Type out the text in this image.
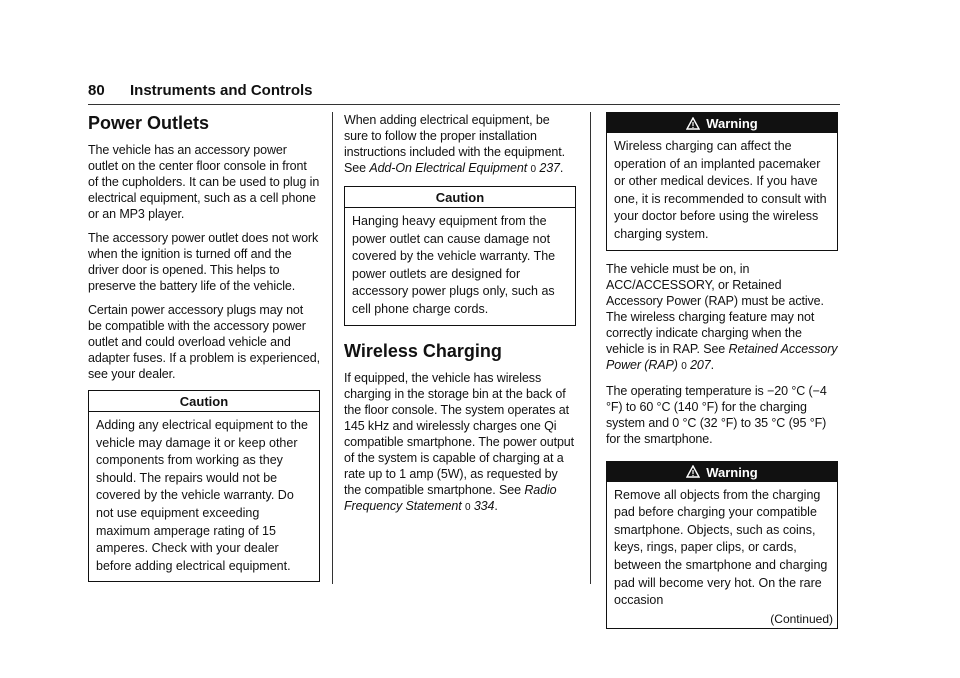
80 Instruments and Controls
Power Outlets

The vehicle has an accessory power outlet on the center floor console in front of the cupholders. It can be used to plug in electrical equipment, such as a cell phone or an MP3 player.

The accessory power outlet does not work when the ignition is turned off and the driver door is opened. This helps to preserve the battery life of the vehicle.

Certain power accessory plugs may not be compatible with the accessory power outlet and could overload vehicle and adapter fuses. If a problem is experienced, see your dealer.

Caution
Adding any electrical equipment to the vehicle may damage it or keep other components from working as they should. The repairs would not be covered by the vehicle warranty. Do not use equipment exceeding maximum amperage rating of 15 amperes. Check with your dealer before adding electrical equipment.

When adding electrical equipment, be sure to follow the proper installation instructions included with the equipment. See Add-On Electrical Equipment 0 237.

Caution
Hanging heavy equipment from the power outlet can cause damage not covered by the vehicle warranty. The power outlets are designed for accessory power plugs only, such as cell phone charge cords.
Wireless Charging

If equipped, the vehicle has wireless charging in the storage bin at the back of the floor console. The system operates at 145 kHz and wirelessly charges one Qi compatible smartphone. The power output of the system is capable of charging at a rate up to 1 amp (5W), as requested by the compatible smartphone. See Radio Frequency Statement 0 334.

Warning
Wireless charging can affect the operation of an implanted pacemaker or other medical devices. If you have one, it is recommended to consult with your doctor before using the wireless charging system.

The vehicle must be on, in ACC/ACCESSORY, or Retained Accessory Power (RAP) must be active. The wireless charging feature may not correctly indicate charging when the vehicle is in RAP. See Retained Accessory Power (RAP) 0 207.

The operating temperature is −20 °C (−4 °F) to 60 °C (140 °F) for the charging system and 0 °C (32 °F) to 35 °C (95 °F) for the smartphone.

Warning
Remove all objects from the charging pad before charging your compatible smartphone. Objects, such as coins, keys, rings, paper clips, or cards, between the smartphone and charging pad will become very hot. On the rare occasion
(Continued)
